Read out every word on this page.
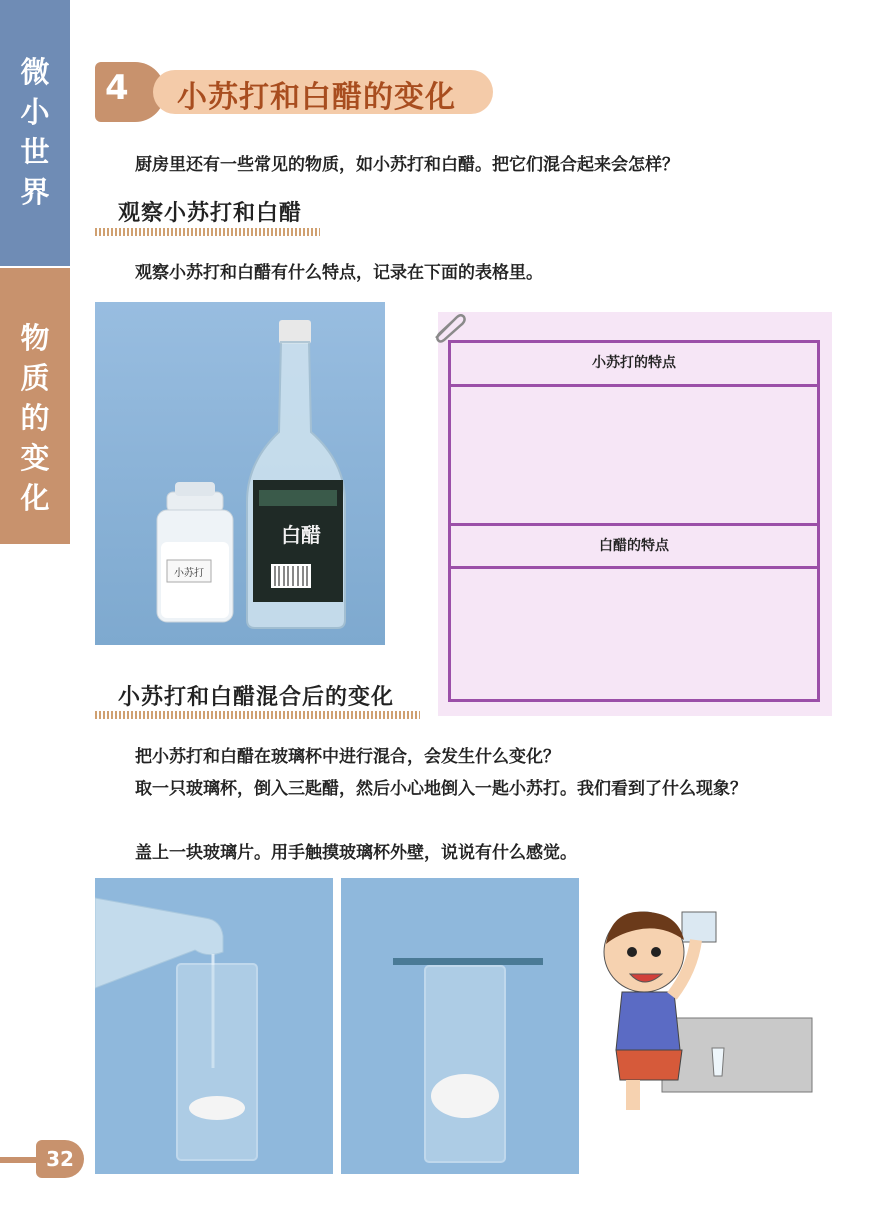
微
小
世
界
物
质
的
变
化
4 小苏打和白醋的变化
厨房里还有一些常见的物质，如小苏打和白醋。把它们混合起来会怎样？
观察小苏打和白醋
观察小苏打和白醋有什么特点，记录在下面的表格里。
小苏打
白醋
小苏打的特点
白醋的特点
小苏打和白醋混合后的变化
把小苏打和白醋在玻璃杯中进行混合，会发生什么变化？
取一只玻璃杯，倒入三匙醋，然后小心地倒入一匙小苏打。我们看到了什么现象？
盖上一块玻璃片。用手触摸玻璃杯外壁，说说有什么感觉。
32
